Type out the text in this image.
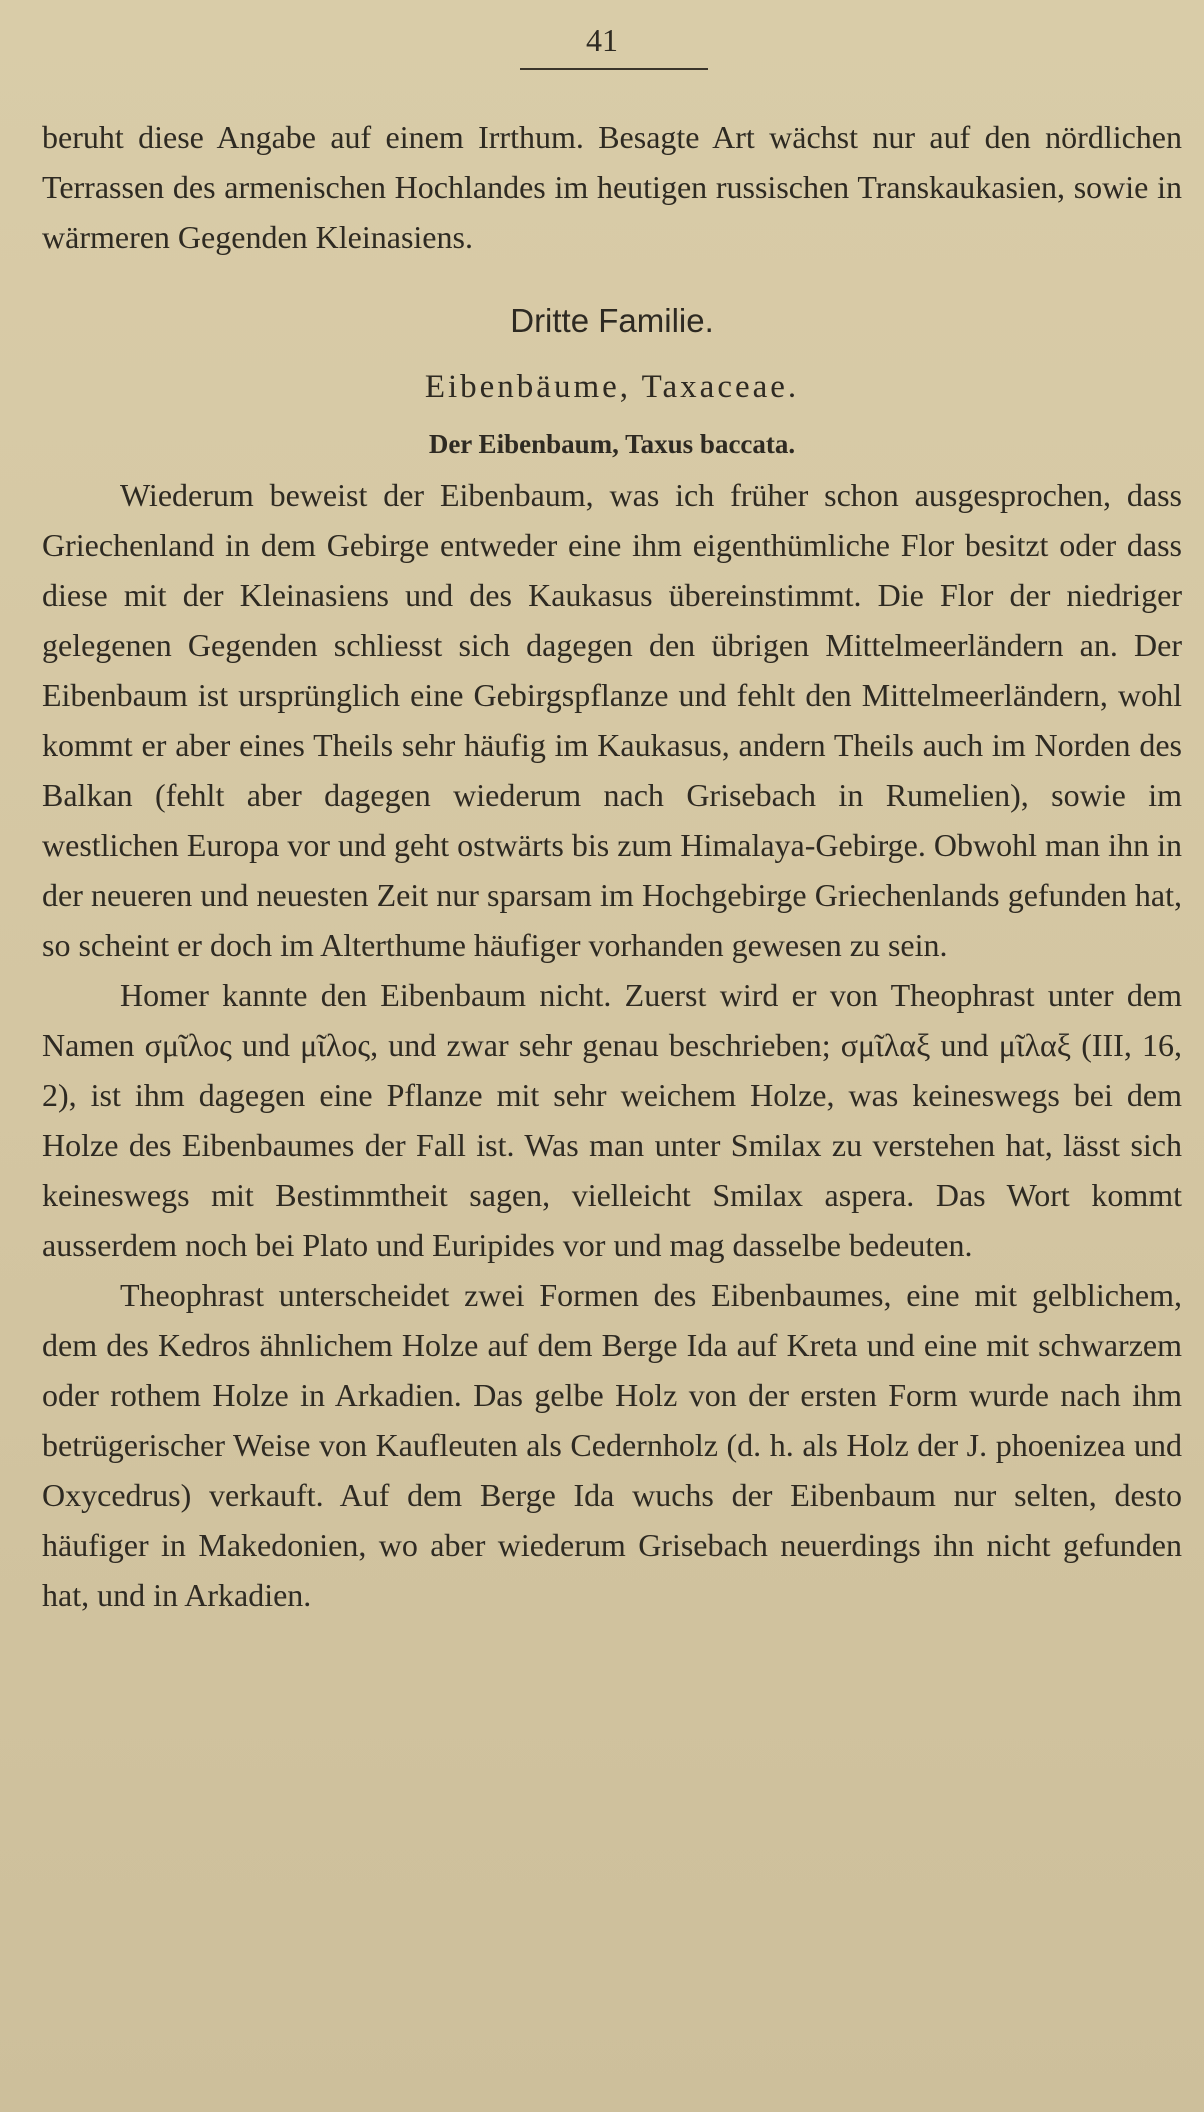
41

beruht diese Angabe auf einem Irrthum. Besagte Art wächst nur auf den nördlichen Terrassen des armenischen Hochlandes im heutigen russischen Transkaukasien, sowie in wärmeren Gegenden Kleinasiens.

Dritte Familie.
Eibenbäume, Taxaceae.
Der Eibenbaum, Taxus baccata.

Wiederum beweist der Eibenbaum, was ich früher schon ausgesprochen, dass Griechenland in dem Gebirge entweder eine ihm eigenthümliche Flor besitzt oder dass diese mit der Kleinasiens und des Kaukasus übereinstimmt. Die Flor der niedriger gelegenen Gegenden schliesst sich dagegen den übrigen Mittelmeerländern an. Der Eibenbaum ist ursprünglich eine Gebirgspflanze und fehlt den Mittelmeerländern, wohl kommt er aber eines Theils sehr häufig im Kaukasus, andern Theils auch im Norden des Balkan (fehlt aber dagegen wiederum nach Grisebach in Rumelien), sowie im westlichen Europa vor und geht ostwärts bis zum Himalaya-Gebirge. Obwohl man ihn in der neueren und neuesten Zeit nur sparsam im Hochgebirge Griechenlands gefunden hat, so scheint er doch im Alterthume häufiger vorhanden gewesen zu sein.

Homer kannte den Eibenbaum nicht. Zuerst wird er von Theophrast unter dem Namen σμῖλος und μῖλος, und zwar sehr genau beschrieben; σμῖλαξ und μῖλαξ (III, 16, 2), ist ihm dagegen eine Pflanze mit sehr weichem Holze, was keineswegs bei dem Holze des Eibenbaumes der Fall ist. Was man unter Smilax zu verstehen hat, lässt sich keineswegs mit Bestimmtheit sagen, vielleicht Smilax aspera. Das Wort kommt ausserdem noch bei Plato und Euripides vor und mag dasselbe bedeuten.

Theophrast unterscheidet zwei Formen des Eibenbaumes, eine mit gelblichem, dem des Kedros ähnlichem Holze auf dem Berge Ida auf Kreta und eine mit schwarzem oder rothem Holze in Arkadien. Das gelbe Holz von der ersten Form wurde nach ihm betrügerischer Weise von Kaufleuten als Cedernholz (d. h. als Holz der J. phoenizea und Oxycedrus) verkauft. Auf dem Berge Ida wuchs der Eibenbaum nur selten, desto häufiger in Makedonien, wo aber wiederum Grisebach neuerdings ihn nicht gefunden hat, und in Arkadien.
